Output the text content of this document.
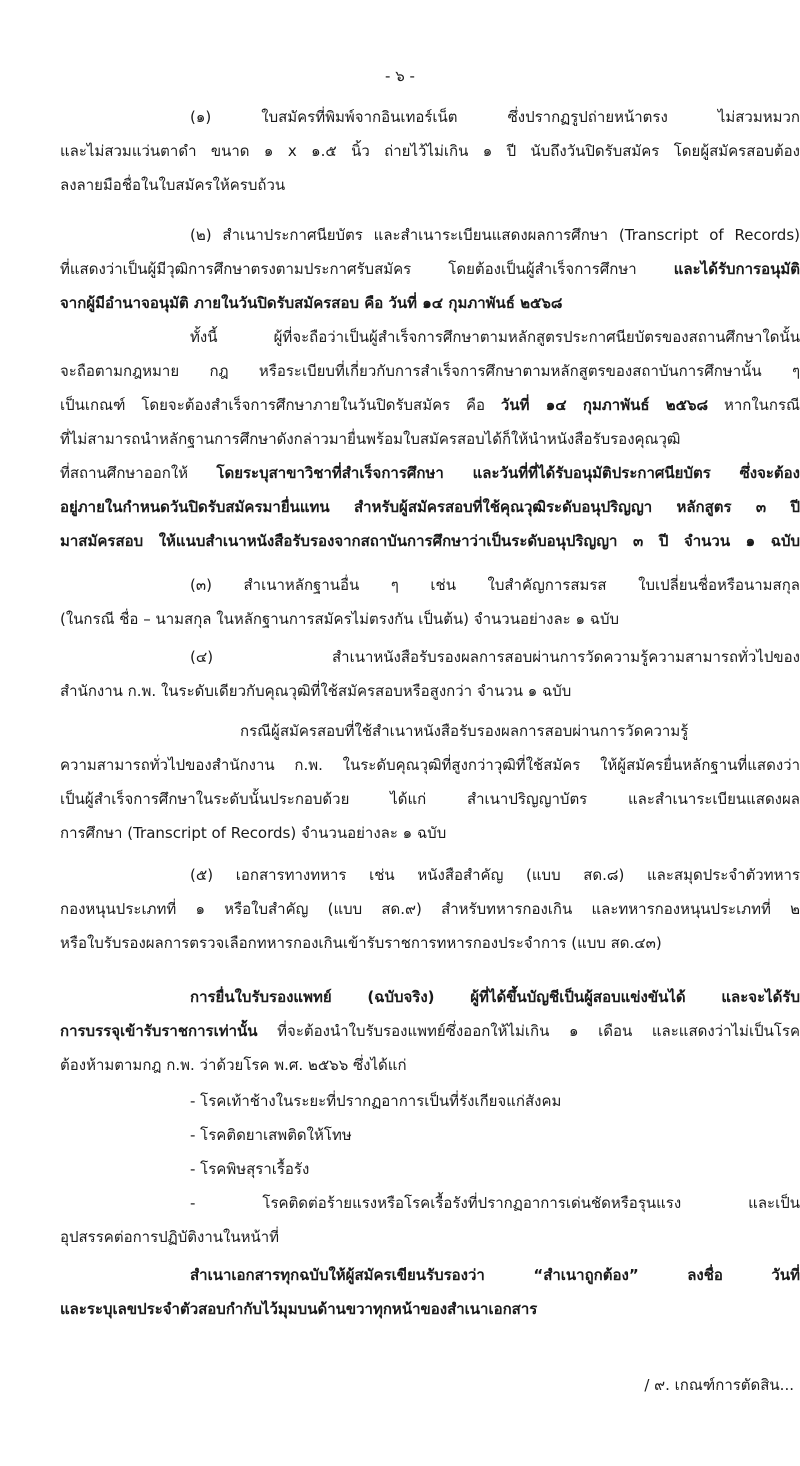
- ๖ -
(๑) ใบสมัครที่พิมพ์จากอินเทอร์เน็ต ซึ่งปรากฏรูปถ่ายหน้าตรง ไม่สวมหมวก
และไม่สวมแว่นตาดำ ขนาด ๑ x ๑.๕ นิ้ว ถ่ายไว้ไม่เกิน ๑ ปี นับถึงวันปิดรับสมัคร โดยผู้สมัครสอบต้อง
ลงลายมือชื่อในใบสมัครให้ครบถ้วน
(๒) สำเนาประกาศนียบัตร และสำเนาระเบียนแสดงผลการศึกษา (Transcript of Records)
ที่แสดงว่าเป็นผู้มีวุฒิการศึกษาตรงตามประกาศรับสมัคร โดยต้องเป็นผู้สำเร็จการศึกษา และได้รับการอนุมัติ
จากผู้มีอำนาจอนุมัติ ภายในวันปิดรับสมัครสอบ คือ วันที่ ๑๔ กุมภาพันธ์ ๒๕๖๘
ทั้งนี้ ผู้ที่จะถือว่าเป็นผู้สำเร็จการศึกษาตามหลักสูตรประกาศนียบัตรของสถานศึกษาใดนั้น
จะถือตามกฎหมาย กฎ หรือระเบียบที่เกี่ยวกับการสำเร็จการศึกษาตามหลักสูตรของสถาบันการศึกษานั้น ๆ
เป็นเกณฑ์ โดยจะต้องสำเร็จการศึกษาภายในวันปิดรับสมัคร คือ วันที่ ๑๔ กุมภาพันธ์ ๒๕๖๘ หากในกรณี
ที่ไม่สามารถนำหลักฐานการศึกษาดังกล่าวมายื่นพร้อมใบสมัครสอบได้ก็ให้นำหนังสือรับรองคุณวุฒิ
ที่สถานศึกษาออกให้ โดยระบุสาขาวิชาที่สำเร็จการศึกษา และวันที่ที่ได้รับอนุมัติประกาศนียบัตร ซึ่งจะต้อง
อยู่ภายในกำหนดวันปิดรับสมัครมายื่นแทน สำหรับผู้สมัครสอบที่ใช้คุณวุฒิระดับอนุปริญญา หลักสูตร ๓ ปี
มาสมัครสอบ ให้แนบสำเนาหนังสือรับรองจากสถาบันการศึกษาว่าเป็นระดับอนุปริญญา ๓ ปี จำนวน ๑ ฉบับ
(๓) สำเนาหลักฐานอื่น ๆ เช่น ใบสำคัญการสมรส ใบเปลี่ยนชื่อหรือนามสกุล
(ในกรณี ชื่อ – นามสกุล ในหลักฐานการสมัครไม่ตรงกัน เป็นต้น) จำนวนอย่างละ ๑ ฉบับ
(๔) สำเนาหนังสือรับรองผลการสอบผ่านการวัดความรู้ความสามารถทั่วไปของ
สำนักงาน ก.พ. ในระดับเดียวกับคุณวุฒิที่ใช้สมัครสอบหรือสูงกว่า จำนวน ๑ ฉบับ
กรณีผู้สมัครสอบที่ใช้สำเนาหนังสือรับรองผลการสอบผ่านการวัดความรู้
ความสามารถทั่วไปของสำนักงาน ก.พ. ในระดับคุณวุฒิที่สูงกว่าวุฒิที่ใช้สมัคร ให้ผู้สมัครยื่นหลักฐานที่แสดงว่า
เป็นผู้สำเร็จการศึกษาในระดับนั้นประกอบด้วย ได้แก่ สำเนาปริญญาบัตร และสำเนาระเบียนแสดงผล
การศึกษา (Transcript of Records) จำนวนอย่างละ ๑ ฉบับ
(๕) เอกสารทางทหาร เช่น หนังสือสำคัญ (แบบ สด.๘) และสมุดประจำตัวทหาร
กองหนุนประเภทที่ ๑ หรือใบสำคัญ (แบบ สด.๙) สำหรับทหารกองเกิน และทหารกองหนุนประเภทที่ ๒
หรือใบรับรองผลการตรวจเลือกทหารกองเกินเข้ารับราชการทหารกองประจำการ (แบบ สด.๔๓)
การยื่นใบรับรองแพทย์ (ฉบับจริง) ผู้ที่ได้ขึ้นบัญชีเป็นผู้สอบแข่งขันได้ และจะได้รับ
การบรรจุเข้ารับราชการเท่านั้น ที่จะต้องนำใบรับรองแพทย์ซึ่งออกให้ไม่เกิน ๑ เดือน และแสดงว่าไม่เป็นโรค
ต้องห้ามตามกฎ ก.พ. ว่าด้วยโรค พ.ศ. ๒๕๖๖ ซึ่งได้แก่
- โรคเท้าช้างในระยะที่ปรากฏอาการเป็นที่รังเกียจแก่สังคม
- โรคติดยาเสพติดให้โทษ
- โรคพิษสุราเรื้อรัง
- โรคติดต่อร้ายแรงหรือโรคเรื้อรังที่ปรากฏอาการเด่นชัดหรือรุนแรง และเป็น
อุปสรรคต่อการปฏิบัติงานในหน้าที่
สำเนาเอกสารทุกฉบับให้ผู้สมัครเขียนรับรองว่า “สำเนาถูกต้อง” ลงชื่อ วันที่
และระบุเลขประจำตัวสอบกำกับไว้มุมบนด้านขวาทุกหน้าของสำเนาเอกสาร
/ ๙. เกณฑ์การตัดสิน...
